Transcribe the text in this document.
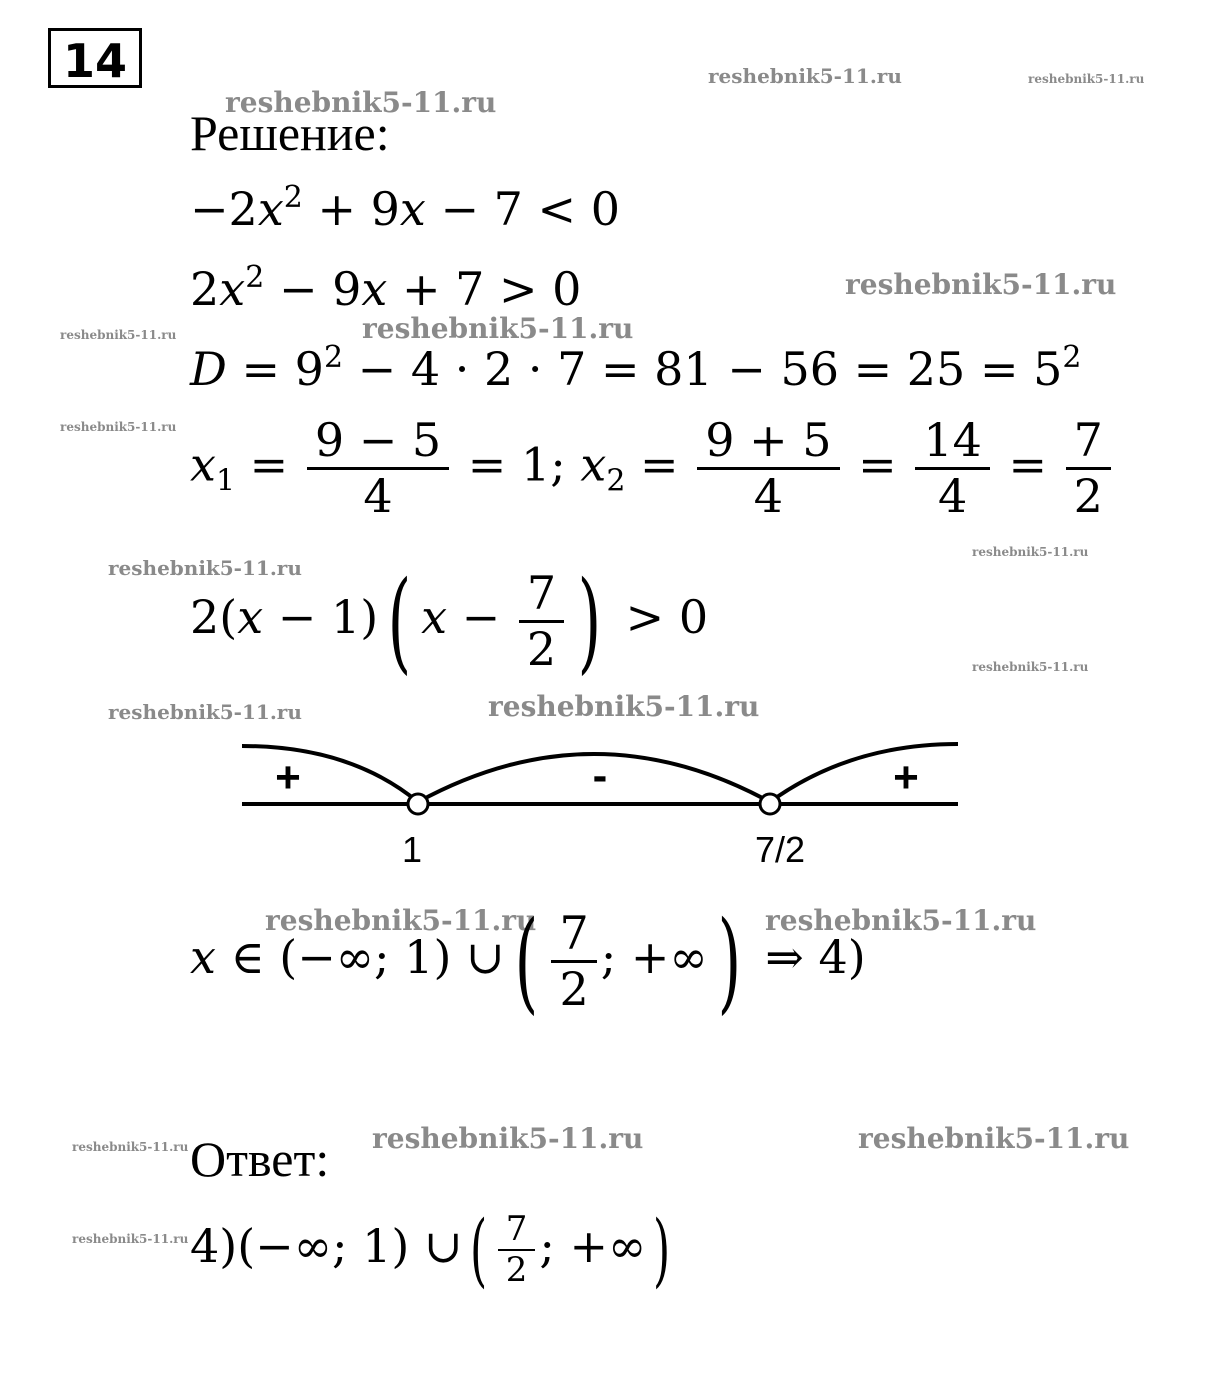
14	reshebnik5-11.ru	reshebnik5-11.ru
reshebnik5-11.ru
reshebnik5-11.ru
reshebnik5-11.ru
reshebnik5-11.ru
reshebnik5-11.ru
reshebnik5-11.ru
reshebnik5-11.ru
reshebnik5-11.ru
reshebnik5-11.ru	reshebnik5-11.ru
reshebnik5-11.ru	reshebnik5-11.ru
reshebnik5-11.ru	reshebnik5-11.ru
reshebnik5-11.ru
reshebnik5-11.ru
Решение:
$-2x^2 + 9x - 7 < 0$
$2x^2 - 9x + 7 > 0$
$D = 9^2 - 4 \cdot 2 \cdot 7 = 81 - 56 = 25 = 5^2$
$x_1 = \frac{9 - 5}{4} = 1$; $x_2 = \frac{9 + 5}{4} = \frac{14}{4} = \frac{7}{2}$
2(x − 1)( $x - \frac{7}{2}$ ) > 0
+	-	+
1	7/2
x ∈ (−∞; 1) ∪( $\frac{7}{2}$ ; +∞) ⇒ 4)
Ответ:
4)(−∞; 1) ∪( $\frac{7}{2}$ ; +∞)
